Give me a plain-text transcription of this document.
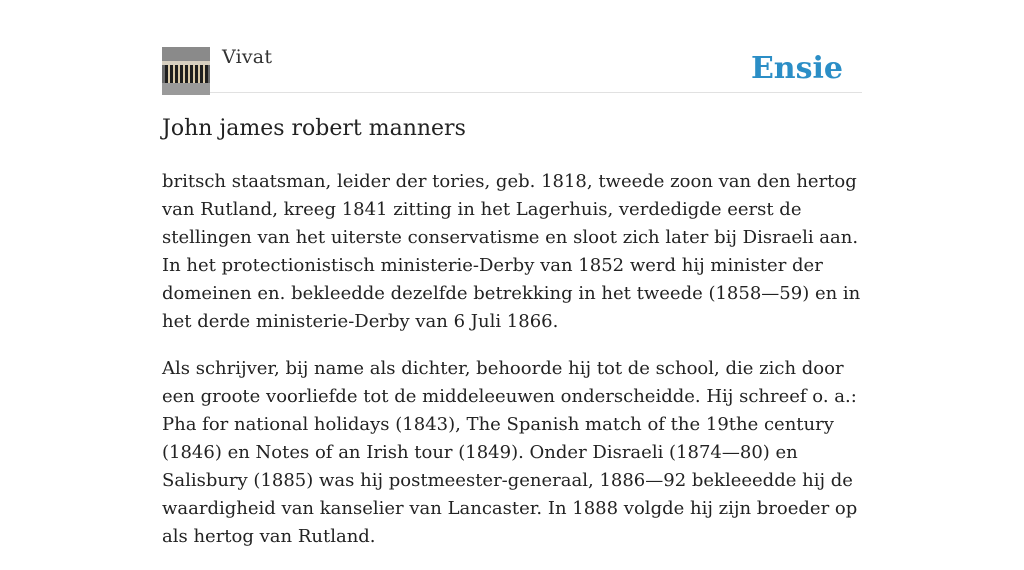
Vivat	Ensie
John james robert manners

britsch staatsman, leider der tories, geb. 1818, tweede zoon van den hertog van Rutland, kreeg 1841 zitting in het Lagerhuis, verdedigde eerst de stellingen van het uiterste conservatisme en sloot zich later bij Disraeli aan. In het protectionistisch ministerie-Derby van 1852 werd hij minister der domeinen en. bekleedde dezelfde betrekking in het tweede (1858—59) en in het derde ministerie-Derby van 6 Juli 1866.

Als schrijver, bij name als dichter, behoorde hij tot de school, die zich door een groote voorliefde tot de middeleeuwen onderscheidde. Hij schreef o. a.: Pha for national holidays (1843), The Spanish match of the 19the century (1846) en Notes of an Irish tour (1849). Onder Disraeli (1874—80) en Salisbury (1885) was hij postmeester-generaal, 1886—92 bekleeedde hij de waardigheid van kanselier van Lancaster. In 1888 volgde hij zijn broeder op als hertog van Rutland.
